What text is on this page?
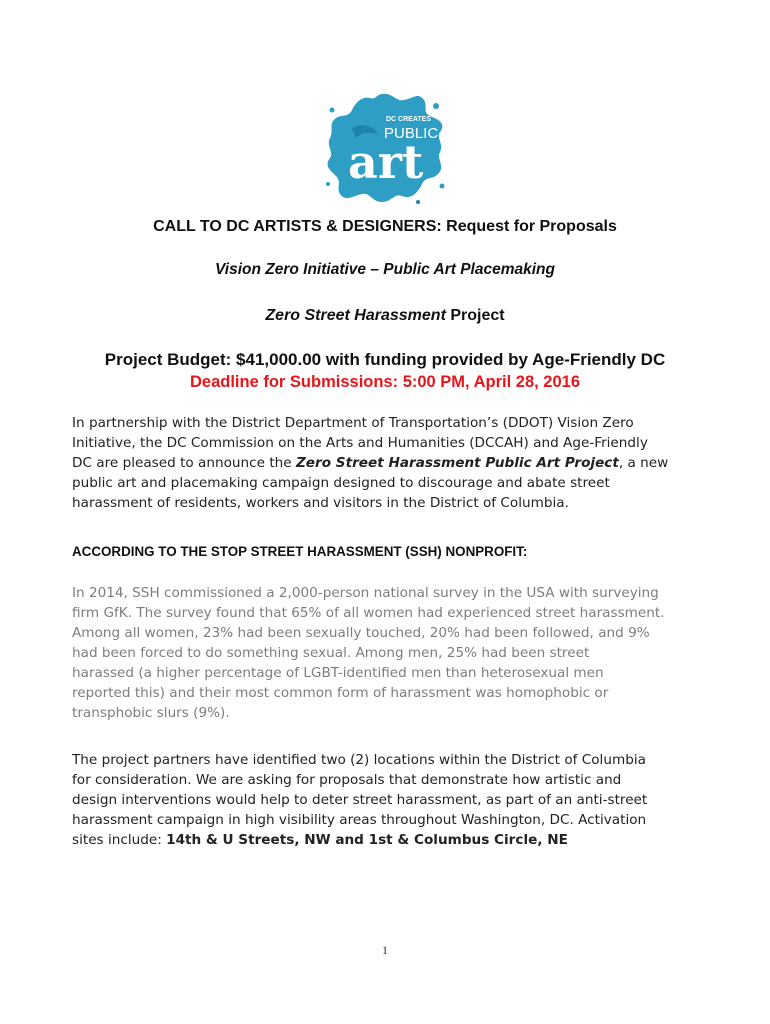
DC CREATES
PUBLIC
art
CALL TO DC ARTISTS & DESIGNERS: Request for Proposals
Vision Zero Initiative – Public Art Placemaking
Zero Street Harassment Project
Project Budget: $41,000.00 with funding provided by Age-Friendly DC
Deadline for Submissions: 5:00 PM, April 28, 2016
In partnership with the District Department of Transportation’s (DDOT) Vision Zero
Initiative, the DC Commission on the Arts and Humanities (DCCAH) and Age-Friendly
DC are pleased to announce the Zero Street Harassment Public Art Project, a new
public art and placemaking campaign designed to discourage and abate street
harassment of residents, workers and visitors in the District of Columbia.
ACCORDING TO THE STOP STREET HARASSMENT (SSH) NONPROFIT:
In 2014, SSH commissioned a 2,000-person national survey in the USA with surveying
firm GfK. The survey found that 65% of all women had experienced street harassment.
Among all women, 23% had been sexually touched, 20% had been followed, and 9%
had been forced to do something sexual. Among men, 25% had been street
harassed (a higher percentage of LGBT-identified men than heterosexual men
reported this) and their most common form of harassment was homophobic or
transphobic slurs (9%).
The project partners have identified two (2) locations within the District of Columbia
for consideration. We are asking for proposals that demonstrate how artistic and
design interventions would help to deter street harassment, as part of an anti-street
harassment campaign in high visibility areas throughout Washington, DC. Activation
sites include: 14th & U Streets, NW and 1st & Columbus Circle, NE
1
